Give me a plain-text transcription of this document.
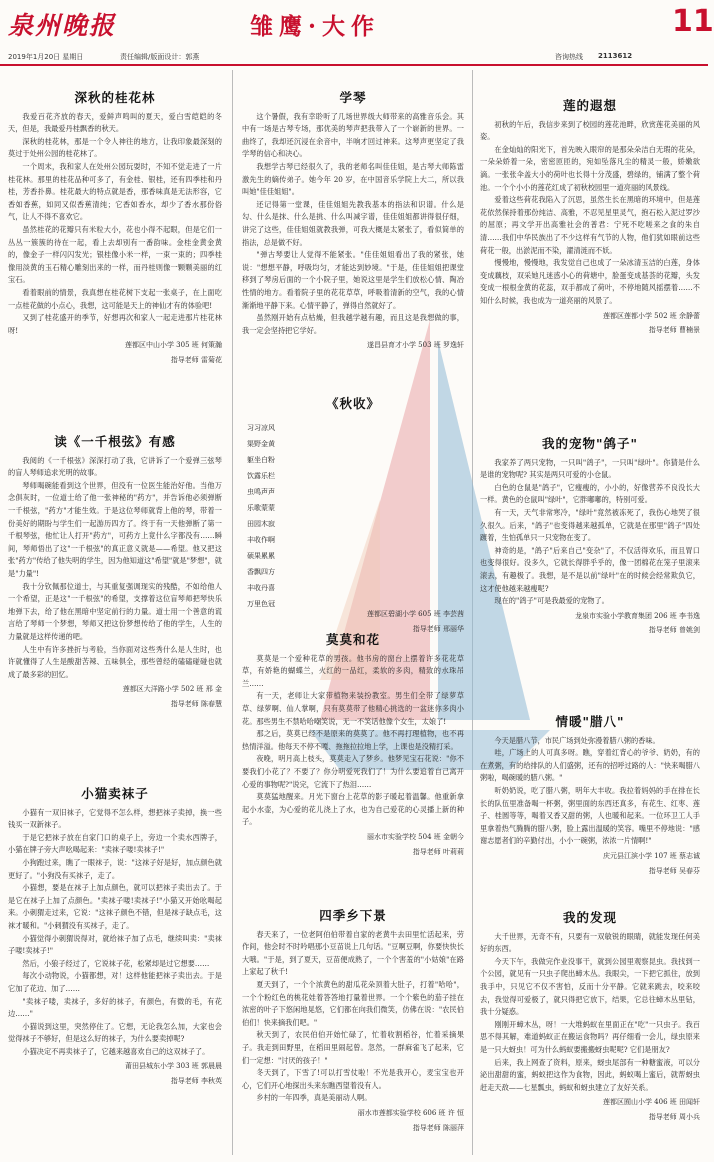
泉州晚报	雏鹰·大作	11
2019年1月20日 星期日	责任编辑/版面设计：郭燕	咨询热线 2113612
深秋的桂花林

我爱百花齐放的春天，爱鲜声鸣叫的夏天，爱白雪皑皑的冬天，但是，我最爱丹桂飘香的秋天。

深秋的桂花林，那是一个令人神往的地方，让我印象最深刻的莫过于处州公园的桂花林了。

一个周末，我和家人在处州公园玩耍时，不知不觉走进了一片桂花林。那里的桂花品种可多了，有金桂、银桂，还有四季桂和丹桂，芳香扑鼻。桂花最大的特点就是香，那香味真是无法形容，它香如香蕉，如同又似香蕉清纯；它香如香水，却少了香水那份俗气，让人不得不喜欢它。

虽然桂花的花瓣只有米粒大小，花也小得不起眼，但是它们一丛丛一簇簇的待在一起，看上去却别有一番韵味。金桂金黄金黄的，像金子一样闪闪发光；银桂像小米一样，一束一束的；四季桂像用淡黄的玉石精心雕刻出来的一样，而丹桂则像一颗颗美丽的红宝石。

看着眼前的情景，我真想在桂花树下支起一张桌子，在上面吃一点桂花做的小点心，我想，这可能是天上的神仙才有的体验吧!

又到了桂花盛开的季节，好想再次和家人一起走进那片桂花林呀!

莲都区中山小学 305 班 何策瀚
指导老师 雷菊花
读《一千根弦》有感

我阅的《一千根弦》深深打动了我，它讲诉了一个爱弹三弦琴的盲人琴师追求光明的故事。

琴师喝碗能看到这个世界，但没有一位医生能治好他。当他万念俱灰时，一位道士给了他一张神秘的"药方"，并告诉他必须弹断一千根弦，"药方"才能生效。于是这位琴师就背上他的琴，带着一份美好的期盼与学生们一起游历四方了。终于有一天他弹断了第一千根琴弦，他忙让人打开"药方"，可药方上竟什么字都没有……瞬间，琴师悟出了这"一千根弦"的真正意义就是——希望。他又把这张"药方"传给了他失明的学生，因为他知道这"希望"就是"梦想"，就是"力量"!

我十分钦佩那位道士，与其重复强调现实的残酷，不如给他人一个希望，正是这"一千根弦"的希望，支撑着这位盲琴师把琴快乐地弹下去，给了他在黑暗中坚定前行的力量。道士用一个善意的谎言给了琴师一个梦想，琴师又把这份梦想传给了他的学生，人生的力量就是这样传递的吧。

人生中有许多挫折与考验，当你面对这些秀什么是人生时，也许就懂得了人生是酸甜苦辣、五味俱全，那些曾经的磕磕碰碰也就成了最多彩的回忆。

莲都区大洋路小学 502 班 邢 金
指导老师 陈春慧
小猫卖袜子

小猫有一双旧袜子，它觉得不怎么样，想把袜子卖掉，换一些钱买一双新袜子。

于是它把袜子放在自家门口的桌子上，旁边一个卖水西牌子，小猫在牌子旁大声吆喝起来："卖袜子喽!卖袜子!"

小狗跑过来，瞧了一眼袜子，说："这袜子好是好，加点颜色就更好了。"小狗没有买袜子，走了。

小猫想，要是在袜子上加点颜色，就可以把袜子卖出去了。于是它在袜子上加了点颜色。"卖袜子喽!卖袜子!"小猫又开始吆喝起来。小刺猬走过来，它说："这袜子颜色不错，但是袜子缺点毛，这袜才暖和。"小刺猬没有买袜子，走了。

小猫觉得小刺猬说得对，就给袜子加了点毛，继续叫卖："卖袜子喽!卖袜子!"

然后，小狼子经过了，它说袜子花，松紧却是过它想要……

每次小动物说，小猫都想，对！这样他能把袜子卖出去。于是它加了花边、加了……

"卖袜子喽，卖袜子，多好的袜子，有颜色，有微的毛，有花边……"

小猫说到这里，突然停住了。它想，无论我怎么加，大家也会觉得袜子不够好，但是这么好的袜子，为什么要卖掉呢?

小猫决定不再卖袜子了，它越来越喜欢自己的这双袜子了。

莆田县城东小学 303 班 郭晨晨
指导老师 李秋英
学琴

这个暑假，我有幸聆听了几场世界级大师带来的高雅音乐会。其中有一场是古琴专场，那优美的琴声把我带入了一个崭新的世界。一曲终了，我却还沉浸在余音中，半响才回过神来。这琴声更坚定了我学琴的信心和决心。

我想学古琴已经很久了，我的老师名叫佳佳姐，是古琴大师陈雷激先生的嫡传弟子。她今年 20 岁，在中国音乐学院上大二，所以我叫她"佳佳姐姐"。

还记得第一堂课，佳佳姐姐先教我基本的指法和识谱。什么是勾、什么是抹、什么是挑、什么叫减字谱，佳佳姐姐都讲得很仔细，讲完了这些，佳佳姐姐就教我弹，可我大概是太紧张了，看似简单的指法，总是做不好。

"弹古琴要让人觉得不能紧张。"佳佳姐姐看出了我的紧张，她说："想想平静，呼吸均匀，才能达到妙境。"于是，佳佳姐姐把课堂移到了琴房后面的一个小院子里，她说这里是学生们放松心情、陶冶性情的地方。看着院子里的花花草草，呼吸着清新的空气，我的心情渐渐地平静下来。心情平静了，弹得自然就好了。

虽然刚开始有点枯燥，但我越学越有趣，而且这是我想做的事，我一定会坚持把它学好。

遂昌县育才小学 503 班 罗逸轩
《秋收》
习习凉风
渠野金黄
躯坐白粉
饮露乐栏
虫鸣声声
乐歌蒙蒙
田园木寂
丰收作啊
硕果累累
香飘四方
丰收丹喜
万里色冠
莲都区碧湖小学 605 班 李芸茜
指导老师 邢丽华
莫莫和花

莫莫是一个爱种花草的男孩。他书房的窗台上摆着许多花花草草，有娇艳的蝴蝶兰，火红的一品红，柔软的多肉，精致的水珠吊兰……

有一天，老师让大家带植物来装扮教室。男生们全带了绿萝草草、绿萝啊、仙人掌啊，只有莫莫带了他精心挑选的一盆迷你多肉小花。那些男生不禁哈哈嘲笑说，无一不笑话他像个女生，太娘了!

那之后，莫莫已经不是原来的莫莫了。他不再打理植物，也不再热情洋溢。他每天不停不嘎、拖拖拉拉地上学，上课也是没精打采。

夜晚，明月高上枝头，莫莫走入了梦乡。他梦见宝石花说："你不要我们小花了？不要了？你分明爱死我们了！为什么要追着自己离开心爱的事物呢?"说完，它流下了热泪……

莫莫猛地醒来。月光下窗台上花草的影子暖起着温馨。他重新拿起小水壶，为心爱的花儿浇上了水，也为自己爱花的心灵播上新的种子。

丽水市实验学校 504 班 金朝今
指导老师 叶莉莉
四季乡下景

春天来了，一位老阿伯伯带着自家的老黄牛去田里忙活起来，劳作间，他会时不时吟唱那小豆苗说上几句话。"豆啊豆啊，你要快快长大哦。"于是，到了夏天，豆苗便成熟了，一个个害羞的"小姑娘"在路上家起了秋千!

夏天到了，一个个浓黄色的甜瓜花朵顶着大肚子，打着"哈哈"，一个个粉红色的桃花娃着答答地打量着世界。一个个紫色的茄子挂在浓密的叶子下悠闲地晃悠，它们都在向我们微笑，仿佛在说："农民伯伯们！快来摘我们吧。"

秋天到了，农民伯伯开始忙碌了，忙着收割稻谷，忙着采摘果子。我走到田野里，在稻田里闹起曾。忽然，一群麻雀飞了起来，它们一定想："讨厌的孩子！"

冬天到了，下雪了!可以打雪仗啦！不光是我开心，麦宝宝也开心，它们开心地探出头来东瞧西望着没有人。

乡村的一年四季，真是美丽动人啊。

丽水市莲都实验学校 606 班 许 恒
指导老师 陈丽萍
莲的遐想

初秋的午后，我信步来到了校园的莲花池畔，欣赏莲花美丽的风姿。

在金灿灿的阳光下，首先映入眼帘的是那朵朵洁白无瑕的花朵，一朵朵娇着一朵，密密匝匝的，宛如坠落凡尘的精灵一般，娇嫩欲滴。一张张伞盖大小的荷叶也长得十分茂盛，碧绿的，铺满了整个荷池。一个个小小的莲花红成了初秋校园里一道亮丽的风景线。

爱着这些荷花我陷入了沉思，虽然生长在黑暗的环境中，但是莲花依然保持着那份纯洁、高雅，不忍见星里灵气，抱石松入泥过罗沙的屈原；再文学开出高雅社会的普君：宁死不吃嗟来之食的朱自清……我们中华民族出了不少这样有气节的人物，他们犹如眼前这些荷花一般，出淤泥而不染，濯清涟而不妖。

慢慢地，慢慢地，我发觉自己也成了一朵冰清玉洁的白莲，身体变成藕枝，双采她凡迷惑小心的荷塘中，脸蛋变成基荟的花瓣，头发变成一根根金黄的花蕊，双手都成了荷叶，不停地随风摇摆着……不知什么时候，我也成为一道亮丽的风景了。

莲都区莲都小学 502 班 余静蕾
指导老师 曹楠景
我的宠物"鸽子"

我家养了两只宠物，一只叫"鸽子"，一只叫"绿叶"。你猜是什么是谁的宠物呢? 其实是两只可爱的小仓鼠。

白色的仓鼠是"鸽子"，它瘦瘦的，小小的，好像营养不良没长大一样。黄色的仓鼠叫"绿叶"，它胖嘟嘟的，特别可爱。

有一天，天气非常寒冷，"绿叶"竟然被冻死了，我伤心地哭了很久很久。后来，"鸽子"也变得越来越孤单，它就是在那里"鸽子"四处踱着，生怕孤单只一只宠物在变了。

神奇的是，"鸽子"后来自己"变杂"了，不仅活得欢乐，而且胃口也变得很好。没多久，它就长得胖乎乎的，像一团棉花在笼子里滚来滚去，有趣极了。我想，是不是以前"绿叶"在的时候会经常欺负它，这才使他越来越瘦呢?

现在的"鸽子"可是我最爱的宠物了。

龙泉市实验小学教育集团 206 班 李书逸
指导老师 曾姚剑
情暖"腊八"

今天是腊八节，市民广场到处弥漫着腊八粥的香味。

哇，广场上的人可真多呀。瞧，穿着红背心的爷爷、奶奶，有的在煮粥，有的给排队的人们盛粥，还有的招呼过路的人："快来喝腊八粥啦，喝碗暖的腊八粥。"

听奶奶说，吃了腊八粥，明年大丰收。我拉着妈妈的手在排在长长的队伍里准备喝一杯粥，粥里面的东西还真多，有花生、红枣、莲子、桂圆等等，喝着又香又甜的粥，人也暖和起来。一位环卫工人手里拿着热气腾腾的腊八粥，脸上露出温暖的笑容。嘴里不停地说："感谢志愿者们的辛勤付出，小小一碗粥，浓浓一片情啊!"

庆元县江滨小学 107 班 蔡志诚
指导老师 吴春芬
我的发现

大千世界，无奇不有，只要有一双敏锐的眼睛，就能发现任何美好的东西。

今天下午，我做完作业没事干，就到公园里观察昆虫。我找到一个公园，就见有一只虫子爬出蟑木丛。我眼尖，一下把它抓住，放到我手中，只见它不仅不害怕，反而十分平静。它就来跳去，咬来咬去，我觉得可爱极了，就只得把它放下，结果，它总往蟑木丛里钻，我十分疑惑。

刚刚开蟑木丛，呀！一大堆蚂蚁在里面正在"吃"一只虫子。我百思不得其解，难道蚂蚁正在搬运食物吗？再仔细看一会儿，绿虫原来是一只大蚜虫！可为什么蚂蚁要搬搬蚜虫呢呢? 它们是朋友?

后来，我上网查了资料，原来，蚜虫尾部有一种糖蜜液，可以分泌出甜甜的蜜，蚂蚁把这作为食物，因此，蚂蚁喝上蜜后，就帮蚜虫赶走天敌——七星瓢虫，蚂蚁和蚜虫建立了友好关系。

莲都区囿山小学 406 班 田闻轩
指导老师 周小兵
